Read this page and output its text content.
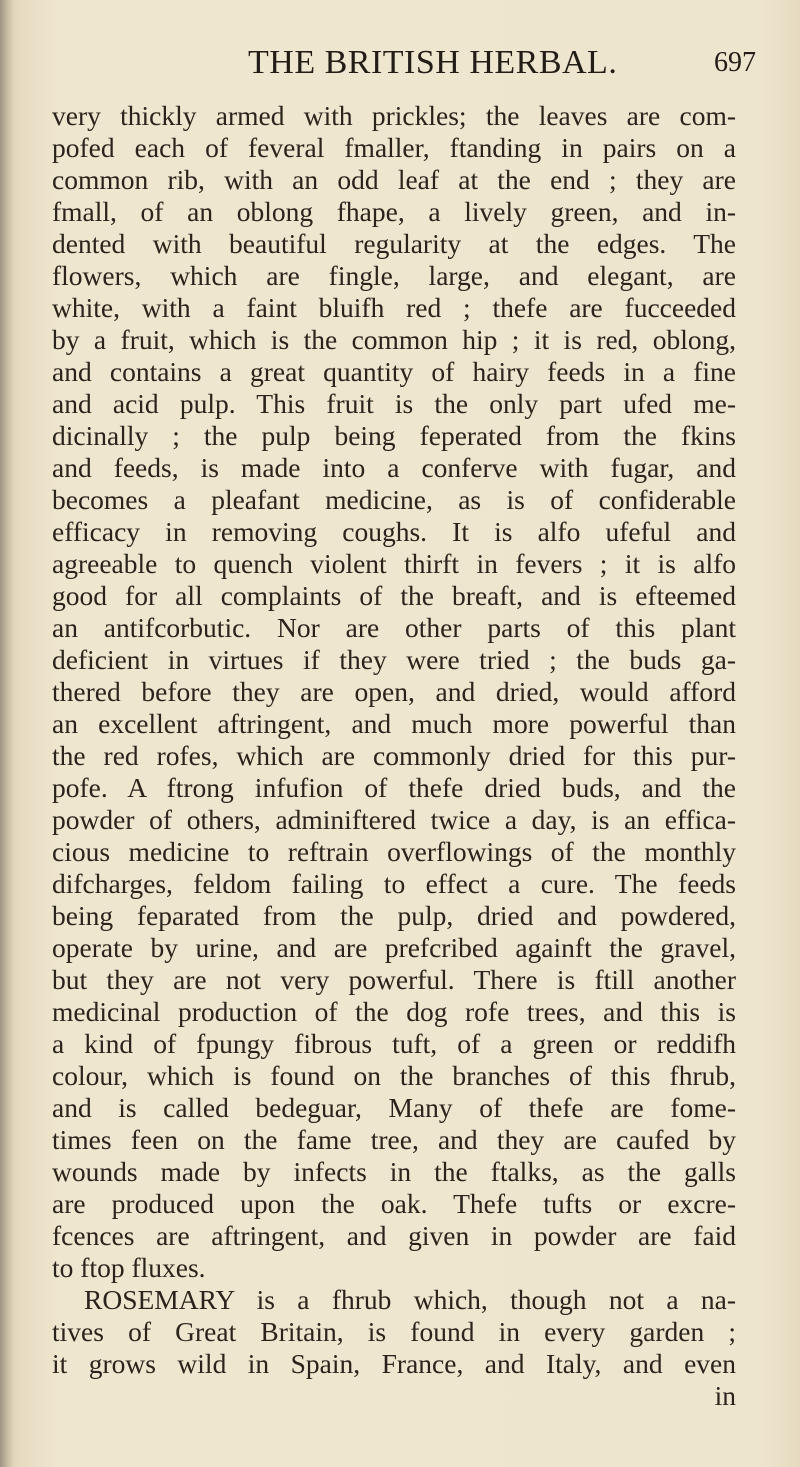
THE BRITISH HERBAL.	697
very thickly armed with prickles; the leaves are com-
pofed each of feveral fmaller, ftanding in pairs on a
common rib, with an odd leaf at the end ; they are
fmall, of an oblong fhape, a lively green, and in-
dented with beautiful regularity at the edges. The
flowers, which are fingle, large, and elegant, are
white, with a faint bluifh red ; thefe are fucceeded
by a fruit, which is the common hip ; it is red, oblong,
and contains a great quantity of hairy feeds in a fine
and acid pulp. This fruit is the only part ufed me-
dicinally ; the pulp being feperated from the fkins
and feeds, is made into a conferve with fugar, and
becomes a pleafant medicine, as is of confiderable
efficacy in removing coughs. It is alfo ufeful and
agreeable to quench violent thirft in fevers ; it is alfo
good for all complaints of the breaft, and is efteemed
an antifcorbutic. Nor are other parts of this plant
deficient in virtues if they were tried ; the buds ga-
thered before they are open, and dried, would afford
an excellent aftringent, and much more powerful than
the red rofes, which are commonly dried for this pur-
pofe. A ftrong infufion of thefe dried buds, and the
powder of others, adminiftered twice a day, is an effica-
cious medicine to reftrain overflowings of the monthly
difcharges, feldom failing to effect a cure. The feeds
being feparated from the pulp, dried and powdered,
operate by urine, and are prefcribed againft the gravel,
but they are not very powerful. There is ftill another
medicinal production of the dog rofe trees, and this is
a kind of fpungy fibrous tuft, of a green or reddifh
colour, which is found on the branches of this fhrub,
and is called bedeguar, Many of thefe are fome-
times feen on the fame tree, and they are caufed by
wounds made by infects in the ftalks, as the galls
are produced upon the oak. Thefe tufts or excre-
fcences are aftringent, and given in powder are faid
to ftop fluxes.
ROSEMARY is a fhrub which, though not a na-
tives of Great Britain, is found in every garden ;
it grows wild in Spain, France, and Italy, and even
in
